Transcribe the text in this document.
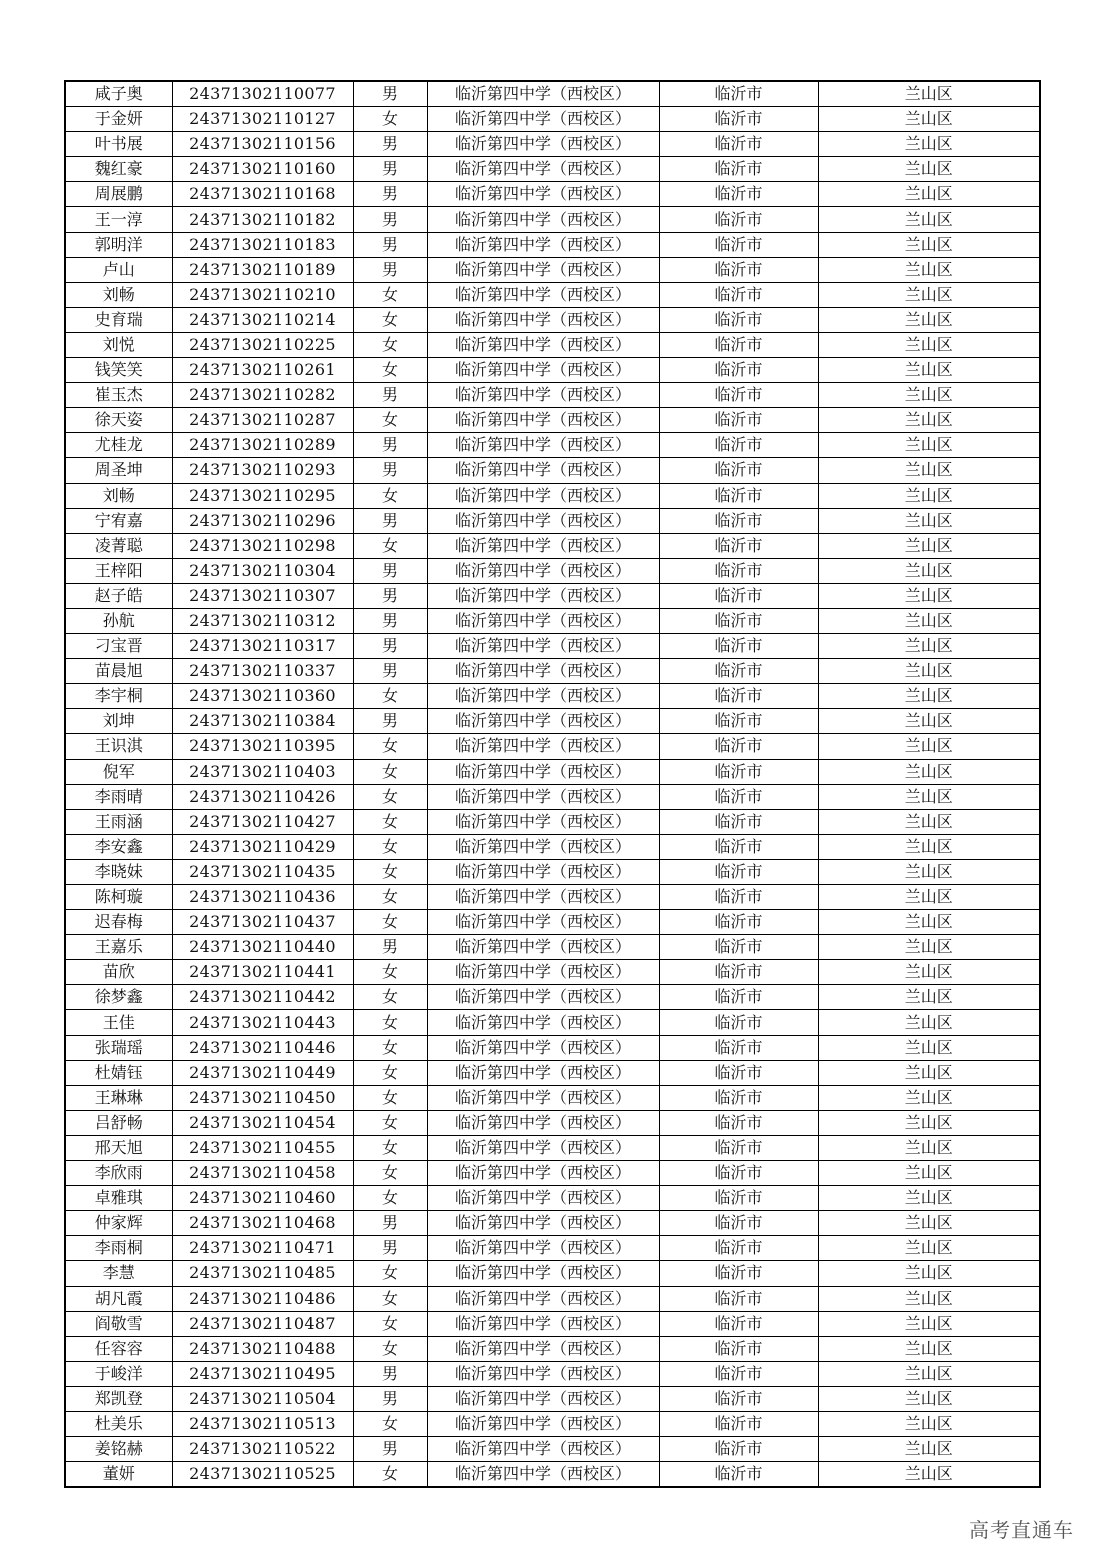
咸子奥	24371302110077	男	临沂第四中学（西校区）	临沂市	兰山区
于金妍	24371302110127	女	临沂第四中学（西校区）	临沂市	兰山区
叶书展	24371302110156	男	临沂第四中学（西校区）	临沂市	兰山区
魏红豪	24371302110160	男	临沂第四中学（西校区）	临沂市	兰山区
周展鹏	24371302110168	男	临沂第四中学（西校区）	临沂市	兰山区
王一淳	24371302110182	男	临沂第四中学（西校区）	临沂市	兰山区
郭明洋	24371302110183	男	临沂第四中学（西校区）	临沂市	兰山区
卢山	24371302110189	男	临沂第四中学（西校区）	临沂市	兰山区
刘畅	24371302110210	女	临沂第四中学（西校区）	临沂市	兰山区
史育瑞	24371302110214	女	临沂第四中学（西校区）	临沂市	兰山区
刘悦	24371302110225	女	临沂第四中学（西校区）	临沂市	兰山区
钱笑笑	24371302110261	女	临沂第四中学（西校区）	临沂市	兰山区
崔玉杰	24371302110282	男	临沂第四中学（西校区）	临沂市	兰山区
徐天姿	24371302110287	女	临沂第四中学（西校区）	临沂市	兰山区
尤桂龙	24371302110289	男	临沂第四中学（西校区）	临沂市	兰山区
周圣坤	24371302110293	男	临沂第四中学（西校区）	临沂市	兰山区
刘畅	24371302110295	女	临沂第四中学（西校区）	临沂市	兰山区
宁宥嘉	24371302110296	男	临沂第四中学（西校区）	临沂市	兰山区
凌菁聪	24371302110298	女	临沂第四中学（西校区）	临沂市	兰山区
王梓阳	24371302110304	男	临沂第四中学（西校区）	临沂市	兰山区
赵子皓	24371302110307	男	临沂第四中学（西校区）	临沂市	兰山区
孙航	24371302110312	男	临沂第四中学（西校区）	临沂市	兰山区
刁宝晋	24371302110317	男	临沂第四中学（西校区）	临沂市	兰山区
苗晨旭	24371302110337	男	临沂第四中学（西校区）	临沂市	兰山区
李宇桐	24371302110360	女	临沂第四中学（西校区）	临沂市	兰山区
刘坤	24371302110384	男	临沂第四中学（西校区）	临沂市	兰山区
王识淇	24371302110395	女	临沂第四中学（西校区）	临沂市	兰山区
倪军	24371302110403	女	临沂第四中学（西校区）	临沂市	兰山区
李雨晴	24371302110426	女	临沂第四中学（西校区）	临沂市	兰山区
王雨涵	24371302110427	女	临沂第四中学（西校区）	临沂市	兰山区
李安鑫	24371302110429	女	临沂第四中学（西校区）	临沂市	兰山区
李晓妹	24371302110435	女	临沂第四中学（西校区）	临沂市	兰山区
陈柯璇	24371302110436	女	临沂第四中学（西校区）	临沂市	兰山区
迟春梅	24371302110437	女	临沂第四中学（西校区）	临沂市	兰山区
王嘉乐	24371302110440	男	临沂第四中学（西校区）	临沂市	兰山区
苗欣	24371302110441	女	临沂第四中学（西校区）	临沂市	兰山区
徐梦鑫	24371302110442	女	临沂第四中学（西校区）	临沂市	兰山区
王佳	24371302110443	女	临沂第四中学（西校区）	临沂市	兰山区
张瑞瑶	24371302110446	女	临沂第四中学（西校区）	临沂市	兰山区
杜婧钰	24371302110449	女	临沂第四中学（西校区）	临沂市	兰山区
王琳琳	24371302110450	女	临沂第四中学（西校区）	临沂市	兰山区
吕舒畅	24371302110454	女	临沂第四中学（西校区）	临沂市	兰山区
邢天旭	24371302110455	女	临沂第四中学（西校区）	临沂市	兰山区
李欣雨	24371302110458	女	临沂第四中学（西校区）	临沂市	兰山区
卓雅琪	24371302110460	女	临沂第四中学（西校区）	临沂市	兰山区
仲家辉	24371302110468	男	临沂第四中学（西校区）	临沂市	兰山区
李雨桐	24371302110471	男	临沂第四中学（西校区）	临沂市	兰山区
李慧	24371302110485	女	临沂第四中学（西校区）	临沂市	兰山区
胡凡霞	24371302110486	女	临沂第四中学（西校区）	临沂市	兰山区
阎敬雪	24371302110487	女	临沂第四中学（西校区）	临沂市	兰山区
任容容	24371302110488	女	临沂第四中学（西校区）	临沂市	兰山区
于峻洋	24371302110495	男	临沂第四中学（西校区）	临沂市	兰山区
郑凯登	24371302110504	男	临沂第四中学（西校区）	临沂市	兰山区
杜美乐	24371302110513	女	临沂第四中学（西校区）	临沂市	兰山区
姜铭赫	24371302110522	男	临沂第四中学（西校区）	临沂市	兰山区
董妍	24371302110525	女	临沂第四中学（西校区）	临沂市	兰山区
高考直通车
